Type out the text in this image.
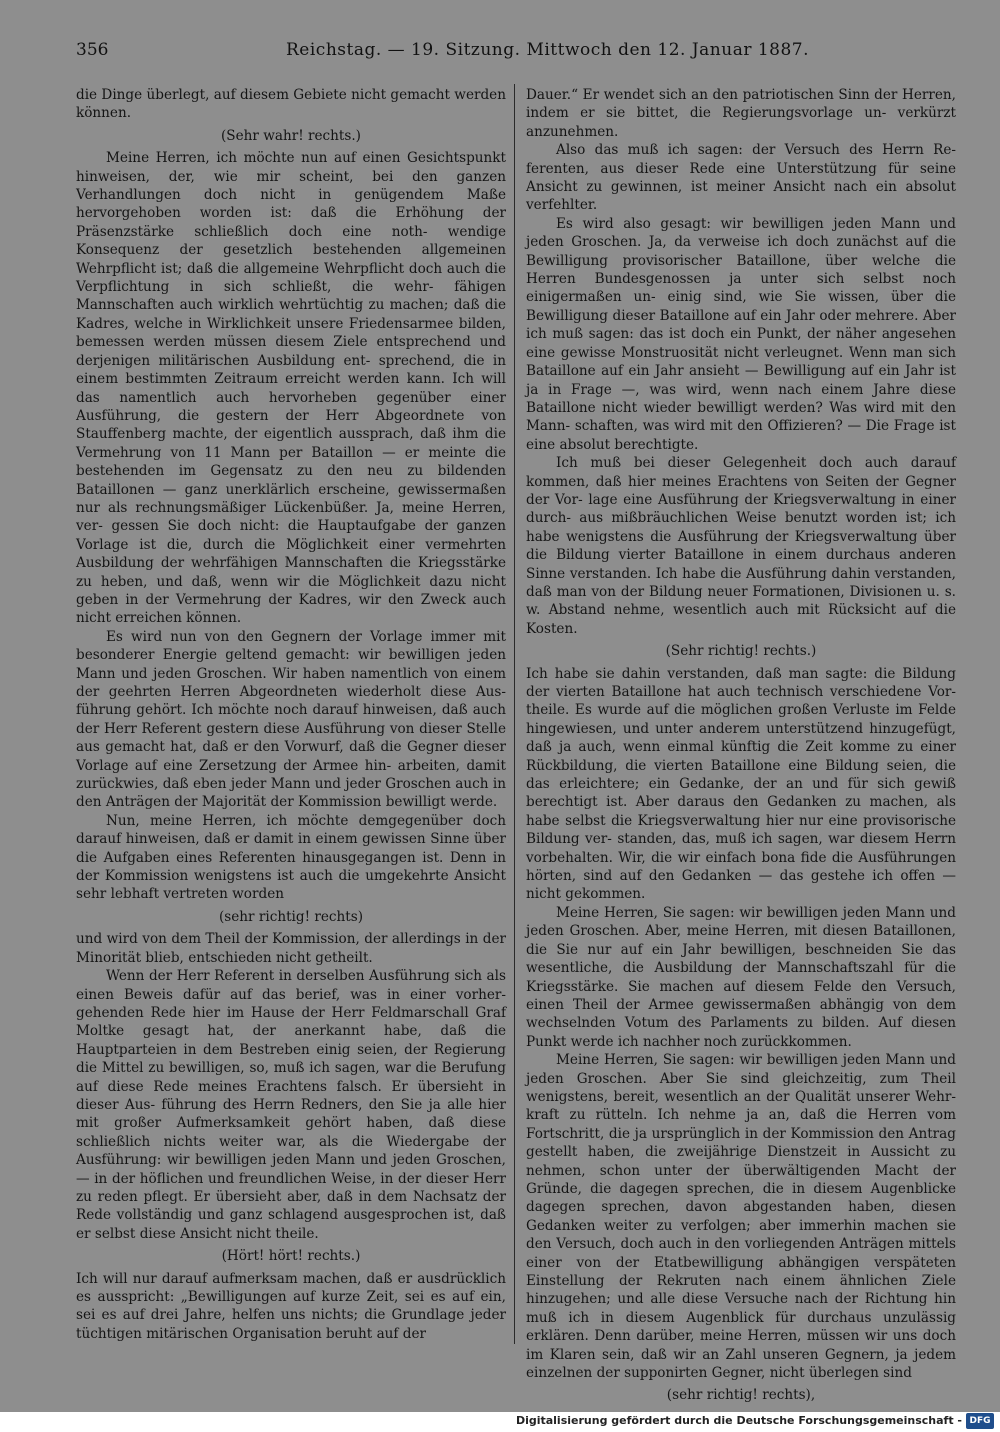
356	Reichstag. — 19. Sitzung. Mittwoch den 12. Januar 1887.

die Dinge überlegt, auf diesem Gebiete nicht gemacht werden können.

(Sehr wahr! rechts.)

Meine Herren, ich möchte nun auf einen Gesichtspunkt hinweisen, der, wie mir scheint, bei den ganzen Verhandlungen doch nicht in genügendem Maße hervorgehoben worden ist: daß die Erhöhung der Präsenzstärke schließlich doch eine noth- wendige Konsequenz der gesetzlich bestehenden allgemeinen Wehrpflicht ist; daß die allgemeine Wehrpflicht doch auch die Verpflichtung in sich schließt, die wehr- fähigen Mannschaften auch wirklich wehrtüchtig zu machen; daß die Kadres, welche in Wirklichkeit unsere Friedensarmee bilden, bemessen werden müssen diesem Ziele entsprechend und derjenigen militärischen Ausbildung ent- sprechend, die in einem bestimmten Zeitraum erreicht werden kann. Ich will das namentlich auch hervorheben gegenüber einer Ausführung, die gestern der Herr Abgeordnete von Stauffenberg machte, der eigentlich aussprach, daß ihm die Vermehrung von 11 Mann per Bataillon — er meinte die bestehenden im Gegensatz zu den neu zu bildenden Bataillonen — ganz unerklärlich erscheine, gewissermaßen nur als rechnungsmäßiger Lückenbüßer. Ja, meine Herren, ver- gessen Sie doch nicht: die Hauptaufgabe der ganzen Vorlage ist die, durch die Möglichkeit einer vermehrten Ausbildung der wehrfähigen Mannschaften die Kriegsstärke zu heben, und daß, wenn wir die Möglichkeit dazu nicht geben in der Vermehrung der Kadres, wir den Zweck auch nicht erreichen können.

Es wird nun von den Gegnern der Vorlage immer mit besonderer Energie geltend gemacht: wir bewilligen jeden Mann und jeden Groschen. Wir haben namentlich von einem der geehrten Herren Abgeordneten wiederholt diese Aus- führung gehört. Ich möchte noch darauf hinweisen, daß auch der Herr Referent gestern diese Ausführung von dieser Stelle aus gemacht hat, daß er den Vorwurf, daß die Gegner dieser Vorlage auf eine Zersetzung der Armee hin- arbeiten, damit zurückwies, daß eben jeder Mann und jeder Groschen auch in den Anträgen der Majorität der Kommission bewilligt werde.

Nun, meine Herren, ich möchte demgegenüber doch darauf hinweisen, daß er damit in einem gewissen Sinne über die Aufgaben eines Referenten hinausgegangen ist. Denn in der Kommission wenigstens ist auch die umgekehrte Ansicht sehr lebhaft vertreten worden

(sehr richtig! rechts)

und wird von dem Theil der Kommission, der allerdings in der Minorität blieb, entschieden nicht getheilt.

Wenn der Herr Referent in derselben Ausführung sich als einen Beweis dafür auf das berief, was in einer vorher- gehenden Rede hier im Hause der Herr Feldmarschall Graf Moltke gesagt hat, der anerkannt habe, daß die Hauptparteien in dem Bestreben einig seien, der Regierung die Mittel zu bewilligen, so, muß ich sagen, war die Berufung auf diese Rede meines Erachtens falsch. Er übersieht in dieser Aus- führung des Herrn Redners, den Sie ja alle hier mit großer Aufmerksamkeit gehört haben, daß diese schließlich nichts weiter war, als die Wiedergabe der Ausführung: wir bewilligen jeden Mann und jeden Groschen, — in der höflichen und freundlichen Weise, in der dieser Herr zu reden pflegt. Er übersieht aber, daß in dem Nachsatz der Rede vollständig und ganz schlagend ausgesprochen ist, daß er selbst diese Ansicht nicht theile.

(Hört! hört! rechts.)

Ich will nur darauf aufmerksam machen, daß er ausdrücklich es ausspricht: „Bewilligungen auf kurze Zeit, sei es auf ein, sei es auf drei Jahre, helfen uns nichts; die Grundlage jeder tüchtigen mitärischen Organisation beruht auf der

Dauer.“ Er wendet sich an den patriotischen Sinn der Herren, indem er sie bittet, die Regierungsvorlage un- verkürzt anzunehmen.

Also das muß ich sagen: der Versuch des Herrn Re- ferenten, aus dieser Rede eine Unterstützung für seine Ansicht zu gewinnen, ist meiner Ansicht nach ein absolut verfehlter.

Es wird also gesagt: wir bewilligen jeden Mann und jeden Groschen. Ja, da verweise ich doch zunächst auf die Bewilligung provisorischer Bataillone, über welche die Herren Bundesgenossen ja unter sich selbst noch einigermaßen un- einig sind, wie Sie wissen, über die Bewilligung dieser Bataillone auf ein Jahr oder mehrere. Aber ich muß sagen: das ist doch ein Punkt, der näher angesehen eine gewisse Monstruosität nicht verleugnet. Wenn man sich Bataillone auf ein Jahr ansieht — Bewilligung auf ein Jahr ist ja in Frage —, was wird, wenn nach einem Jahre diese Bataillone nicht wieder bewilligt werden? Was wird mit den Mann- schaften, was wird mit den Offizieren? — Die Frage ist eine absolut berechtigte.

Ich muß bei dieser Gelegenheit doch auch darauf kommen, daß hier meines Erachtens von Seiten der Gegner der Vor- lage eine Ausführung der Kriegsverwaltung in einer durch- aus mißbräuchlichen Weise benutzt worden ist; ich habe wenigstens die Ausführung der Kriegsverwaltung über die Bildung vierter Bataillone in einem durchaus anderen Sinne verstanden. Ich habe die Ausführung dahin verstanden, daß man von der Bildung neuer Formationen, Divisionen u. s. w. Abstand nehme, wesentlich auch mit Rücksicht auf die Kosten.

(Sehr richtig! rechts.)

Ich habe sie dahin verstanden, daß man sagte: die Bildung der vierten Bataillone hat auch technisch verschiedene Vor- theile. Es wurde auf die möglichen großen Verluste im Felde hingewiesen, und unter anderem unterstützend hinzugefügt, daß ja auch, wenn einmal künftig die Zeit komme zu einer Rückbildung, die vierten Bataillone eine Bildung seien, die das erleichtere; ein Gedanke, der an und für sich gewiß berechtigt ist. Aber daraus den Gedanken zu machen, als habe selbst die Kriegsverwaltung hier nur eine provisorische Bildung ver- standen, das, muß ich sagen, war diesem Herrn vorbehalten. Wir, die wir einfach bona fide die Ausführungen hörten, sind auf den Gedanken — das gestehe ich offen — nicht gekommen.

Meine Herren, Sie sagen: wir bewilligen jeden Mann und jeden Groschen. Aber, meine Herren, mit diesen Bataillonen, die Sie nur auf ein Jahr bewilligen, beschneiden Sie das wesentliche, die Ausbildung der Mannschaftszahl für die Kriegsstärke. Sie machen auf diesem Felde den Versuch, einen Theil der Armee gewissermaßen abhängig von dem wechselnden Votum des Parlaments zu bilden. Auf diesen Punkt werde ich nachher noch zurückkommen.

Meine Herren, Sie sagen: wir bewilligen jeden Mann und jeden Groschen. Aber Sie sind gleichzeitig, zum Theil wenigstens, bereit, wesentlich an der Qualität unserer Wehr- kraft zu rütteln. Ich nehme ja an, daß die Herren vom Fortschritt, die ja ursprünglich in der Kommission den Antrag gestellt haben, die zweijährige Dienstzeit in Aussicht zu nehmen, schon unter der überwältigenden Macht der Gründe, die dagegen sprechen, die in diesem Augenblicke dagegen sprechen, davon abgestanden haben, diesen Gedanken weiter zu verfolgen; aber immerhin machen sie den Versuch, doch auch in den vorliegenden Anträgen mittels einer von der Etatbewilligung abhängigen verspäteten Einstellung der Rekruten nach einem ähnlichen Ziele hinzugehen; und alle diese Versuche nach der Richtung hin muß ich in diesem Augenblick für durchaus unzulässig erklären. Denn darüber, meine Herren, müssen wir uns doch im Klaren sein, daß wir an Zahl unseren Gegnern, ja jedem einzelnen der supponirten Gegner, nicht überlegen sind

(sehr richtig! rechts),

Digitalisierung gefördert durch die Deutsche Forschungsgemeinschaft - DFG
